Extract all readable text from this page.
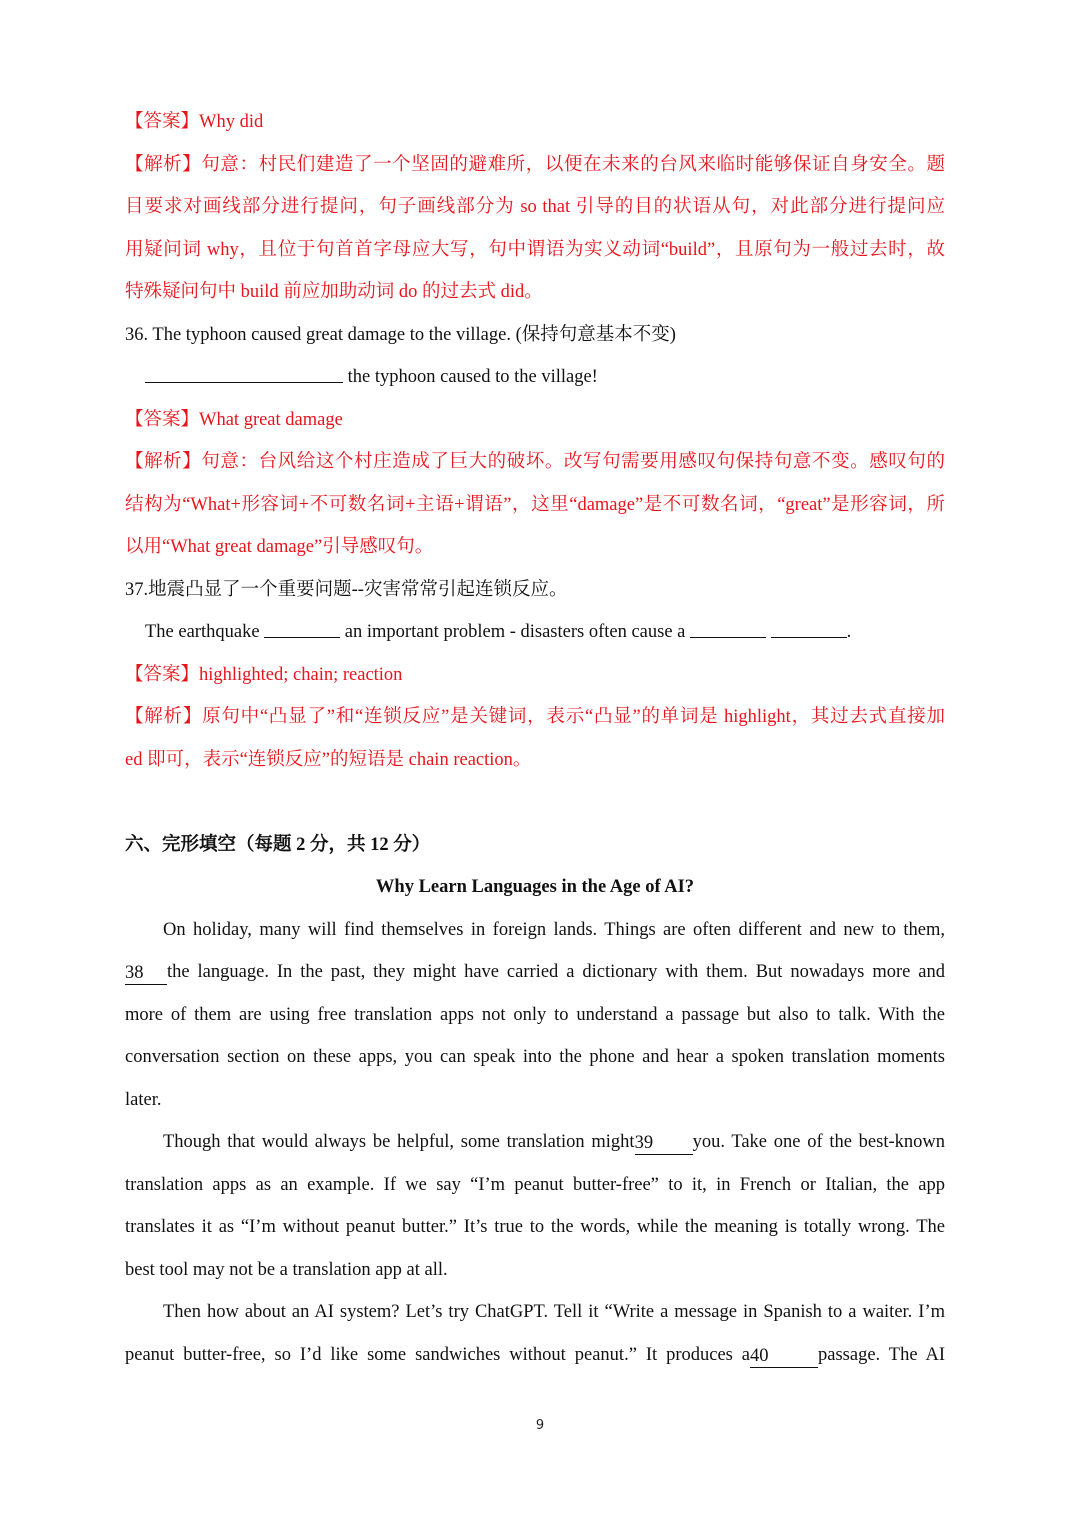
【答案】Why did
【解析】句意：村民们建造了一个坚固的避难所，以便在未来的台风来临时能够保证自身安全。题
目要求对画线部分进行提问，句子画线部分为 so that 引导的目的状语从句，对此部分进行提问应
用疑问词 why，且位于句首首字母应大写，句中谓语为实义动词“build”，且原句为一般过去时，故
特殊疑问句中 build 前应加助动词 do 的过去式 did。
36. The typhoon caused great damage to the village. (保持句意基本不变)
the typhoon caused to the village!
【答案】What great damage
【解析】句意：台风给这个村庄造成了巨大的破坏。改写句需要用感叹句保持句意不变。感叹句的
结构为“What+形容词+不可数名词+主语+谓语”，这里“damage”是不可数名词，“great”是形容词，所
以用“What great damage”引导感叹句。
37.地震凸显了一个重要问题--灾害常常引起连锁反应。
The earthquake	an important problem - disasters often cause a	.
【答案】highlighted; chain; reaction
【解析】原句中“凸显了”和“连锁反应”是关键词，表示“凸显”的单词是 highlight，其过去式直接加
ed 即可，表示“连锁反应”的短语是 chain reaction。
六、完形填空（每题 2 分，共 12 分）
Why Learn Languages in the Age of AI?
On holiday, many will find themselves in foreign lands. Things are often different and new to them,
38 the language. In the past, they might have carried a dictionary with them. But nowadays more and
more of them are using free translation apps not only to understand a passage but also to talk. With the
conversation section on these apps, you can speak into the phone and hear a spoken translation moments
later.
Though that would always be helpful, some translation might39 you. Take one of the best-known
translation apps as an example. If we say “I’m peanut butter-free” to it, in French or Italian, the app
translates it as “I’m without peanut butter.” It’s true to the words, while the meaning is totally wrong. The
best tool may not be a translation app at all.
Then how about an AI system? Let’s try ChatGPT. Tell it “Write a message in Spanish to a waiter. I’m
peanut butter-free, so I’d like some sandwiches without peanut.” It produces a40	passage. The AI
9
